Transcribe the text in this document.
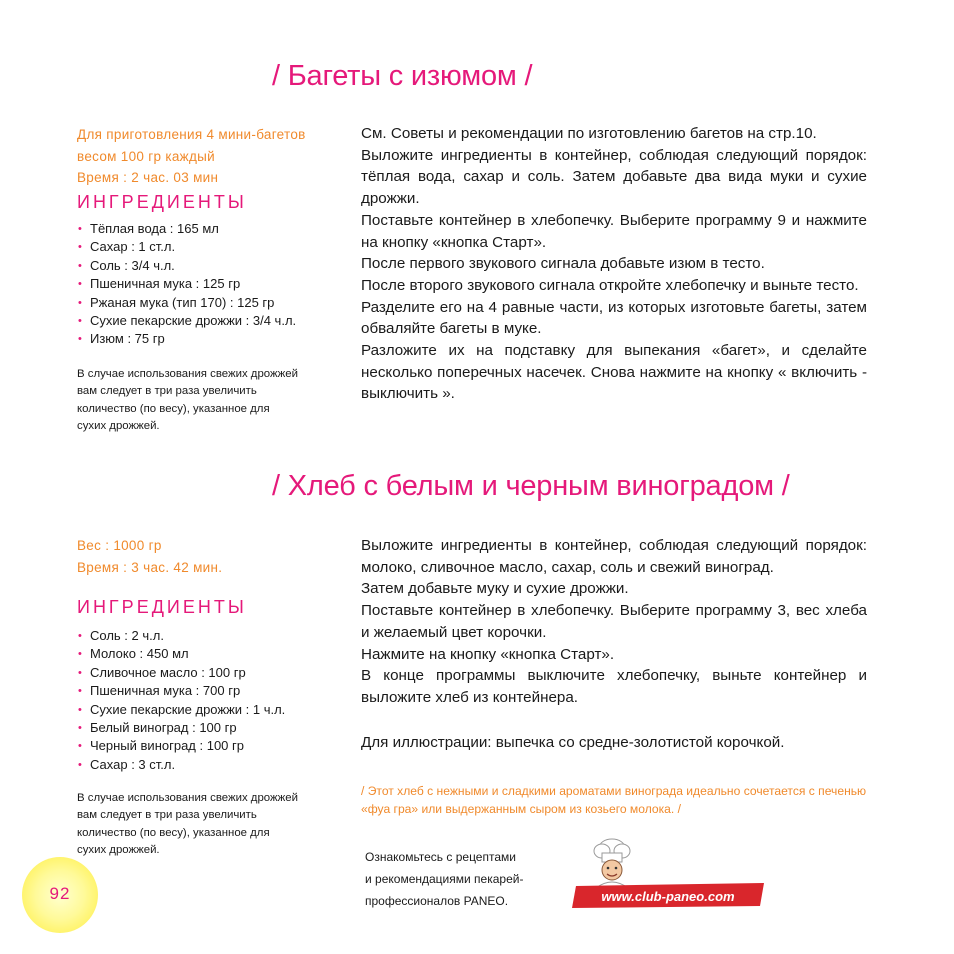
/ Багеты с изюмом /
Для приготовления 4 мини-багетов
весом 100 гр каждый
Время : 2 час. 03 мин
ИНГРЕДИЕНТЫ
• Тёплая вода : 165 мл
• Сахар : 1 ст.л.
• Соль : 3/4 ч.л.
• Пшеничная мука : 125 гр
• Ржаная мука (тип 170) : 125 гр
• Сухие пекарские дрожжи : 3/4 ч.л.
• Изюм : 75 гр
В случае использования свежих дрожжей
вам следует в три раза увеличить
количество (по весу), указанное для
сухих дрожжей.

См. Советы и рекомендации по изготовлению багетов на стр.10.

Выложите ингредиенты в контейнер, соблюдая следующий порядок: тёплая вода, сахар и соль. Затем добавьте два вида муки и сухие дрожжи.

Поставьте контейнер в хлебопечку. Выберите программу 9 и нажмите на кнопку «кнопка Старт».

После первого звукового сигнала добавьте изюм в тесто.

После второго звукового сигнала откройте хлебопечку и выньте тесто.

Разделите его на 4 равные части, из которых изготовьте багеты, затем обваляйте багеты в муке.

Разложите их на подставку для выпекания «багет», и сделайте несколько поперечных насечек. Снова нажмите на кнопку « включить - выключить ».

/ Хлеб с белым и черным виноградом /
Вес : 1000 гр
Время : 3 час. 42 мин.
ИНГРЕДИЕНТЫ
• Соль : 2 ч.л.
• Молоко : 450 мл
• Сливочное масло : 100 гр
• Пшеничная мука : 700 гр
• Сухие пекарские дрожжи : 1 ч.л.
• Белый виноград : 100 гр
• Черный виноград : 100 гр
• Сахар : 3 ст.л.
В случае использования свежих дрожжей
вам следует в три раза увеличить
количество (по весу), указанное для
сухих дрожжей.

Выложите ингредиенты в контейнер, соблюдая следующий порядок: молоко, сливочное масло, сахар, соль и свежий виноград.

Затем добавьте муку и сухие дрожжи.

Поставьте контейнер в хлебопечку. Выберите программу 3, вес хлеба и желаемый цвет корочки.

Нажмите на кнопку «кнопка Старт».

В конце программы выключите хлебопечку, выньте контейнер и выложите хлеб из контейнера.

Для иллюстрации: выпечка со средне-золотистой корочкой.
/ Этот хлеб с нежными и сладкими ароматами винограда идеально сочетается с печенью «фуа гра» или выдержанным сыром из козьего молока. /
Ознакомьтесь с рецептами
и рекомендациями пекарей-
профессионалов PANEO.	www.club-paneo.com
92
